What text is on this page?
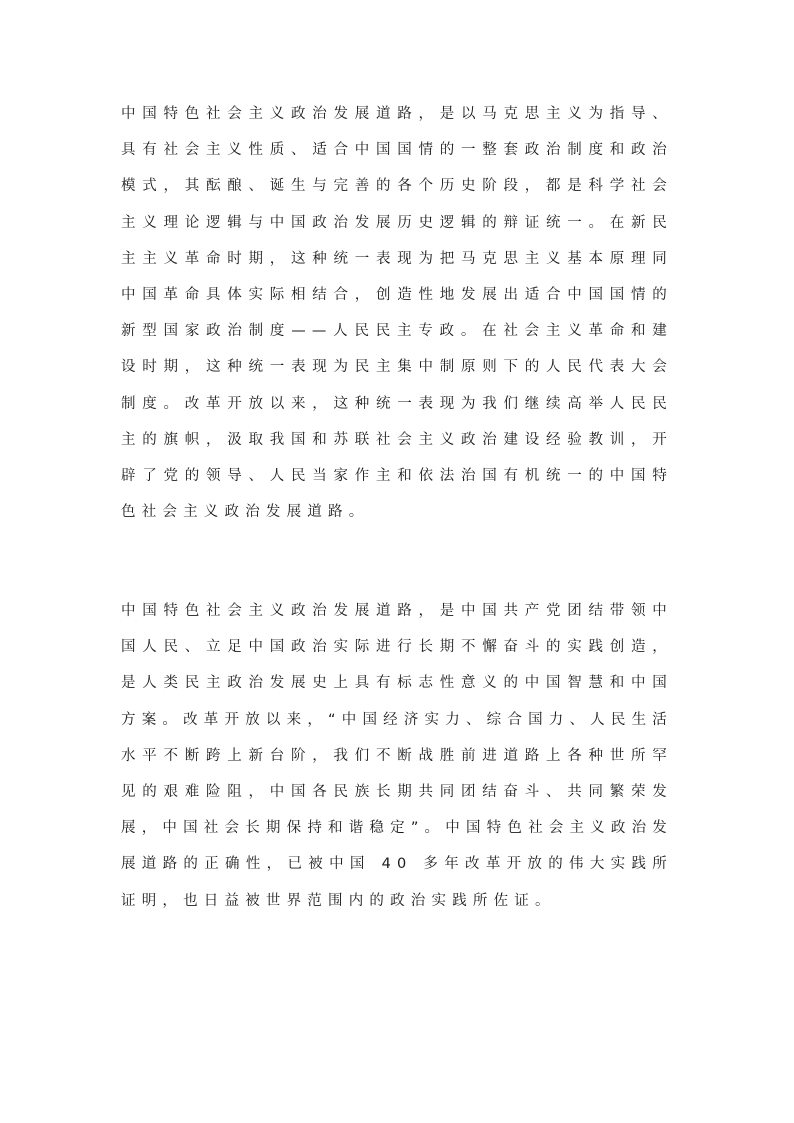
中国特色社会主义政治发展道路，是以马克思主义为指导、具有社会主义性质、适合中国国情的一整套政治制度和政治模式，其酝酿、诞生与完善的各个历史阶段，都是科学社会主义理论逻辑与中国政治发展历史逻辑的辩证统一。在新民主主义革命时期，这种统一表现为把马克思主义基本原理同中国革命具体实际相结合，创造性地发展出适合中国国情的新型国家政治制度——人民民主专政。在社会主义革命和建设时期，这种统一表现为民主集中制原则下的人民代表大会制度。改革开放以来，这种统一表现为我们继续高举人民民主的旗帜，汲取我国和苏联社会主义政治建设经验教训，开辟了党的领导、人民当家作主和依法治国有机统一的中国特色社会主义政治发展道路。

中国特色社会主义政治发展道路，是中国共产党团结带领中国人民、立足中国政治实际进行长期不懈奋斗的实践创造，是人类民主政治发展史上具有标志性意义的中国智慧和中国方案。改革开放以来，“中国经济实力、综合国力、人民生活水平不断跨上新台阶，我们不断战胜前进道路上各种世所罕见的艰难险阻，中国各民族长期共同团结奋斗、共同繁荣发展，中国社会长期保持和谐稳定”。中国特色社会主义政治发展道路的正确性，已被中国 40 多年改革开放的伟大实践所证明，也日益被世界范围内的政治实践所佐证。
